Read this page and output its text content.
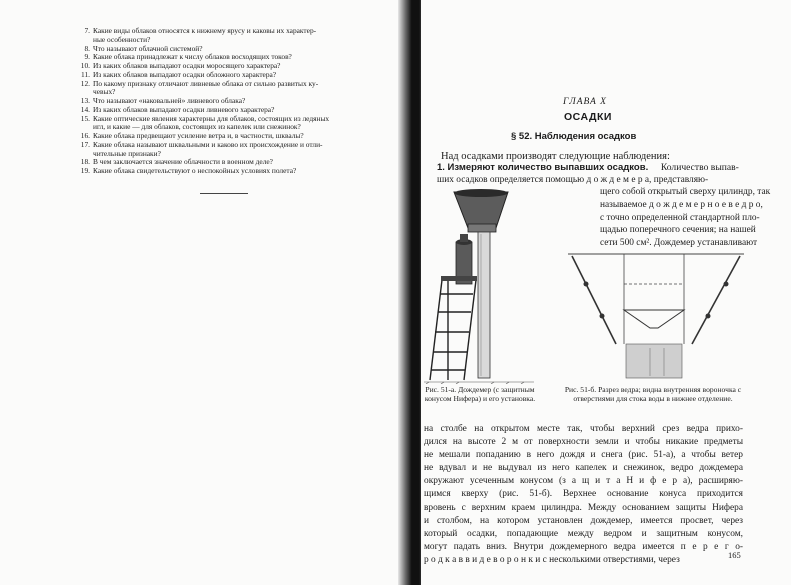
7. Какие виды облаков относятся к нижнему ярусу и каковы их характер-
ные особенности?
8. Что называют облачной системой?
9. Какие облака принадлежат к числу облаков восходящих токов?
10. Из каких облаков выпадают осадки моросящего характера?
11. Из каких облаков выпадают осадки обложного характера?
12. По какому признаку отличают ливневые облака от сильно развитых ку-
чевых?
13. Что называют «наковальней» ливневого облака?
14. Из каких облаков выпадают осадки ливневого характера?
15. Какие оптические явления характерны для облаков, состоящих из ледяных
игл, и какие — для облаков, состоящих из капелек или снежинок?
16. Какие облака предвещают усиление ветра и, в частности, шквалы?
17. Какие облака называют шквальными и каково их происхождение и отли-
чительные признаки?
18. В чем заключается значение облачности в военном деле?
19. Какие облака свидетельствуют о неспокойных условиях полета?
ГЛАВА X
ОСАДКИ
§ 52. Наблюдения осадков
Над осадками производят следующие наблюдения:
1. Измеряют количество выпавших осадков. Количество выпав-
ших осадков определяется помощью д о ж д е м е р а, представляю-
щего собой открытый сверху цилиндр, так
называемое д о ж д е м е р н о е в е д р о,
с точно определенной стандартной пло-
щадью поперечного сечения; на нашей
сети 500 см². Дождемер устанавливают
Рис. 51-а. Дождемер (с защитным конусом Нифера) и его установка.
Рис. 51-б. Разрез ведра; видна внутренняя вороночка с отверстиями для стока воды в нижнее отделение.
на столбе на открытом месте так, чтобы верхний срез ведра прихо-
дился на высоте 2 м от поверхности земли и чтобы никакие предметы
не мешали попаданию в него дождя и снега (рис. 51-а), а чтобы ветер
не вдувал и не выдувал из него капелек и снежинок, ведро дождемера
окружают усеченным конусом (з а щ и т а Н и ф е р а), расширяю-
щимся кверху (рис. 51-б). Верхнее основание конуса приходится
вровень с верхним краем цилиндра. Между основанием защиты Нифера
и столбом, на котором установлен дождемер, имеется просвет, через
который осадки, попадающие между ведром и защитным конусом,
могут падать вниз. Внутри дождемерного ведра имеется п е р е г о-
р о д к а в в и д е в о р о н к и с несколькими отверстиями, через	165
